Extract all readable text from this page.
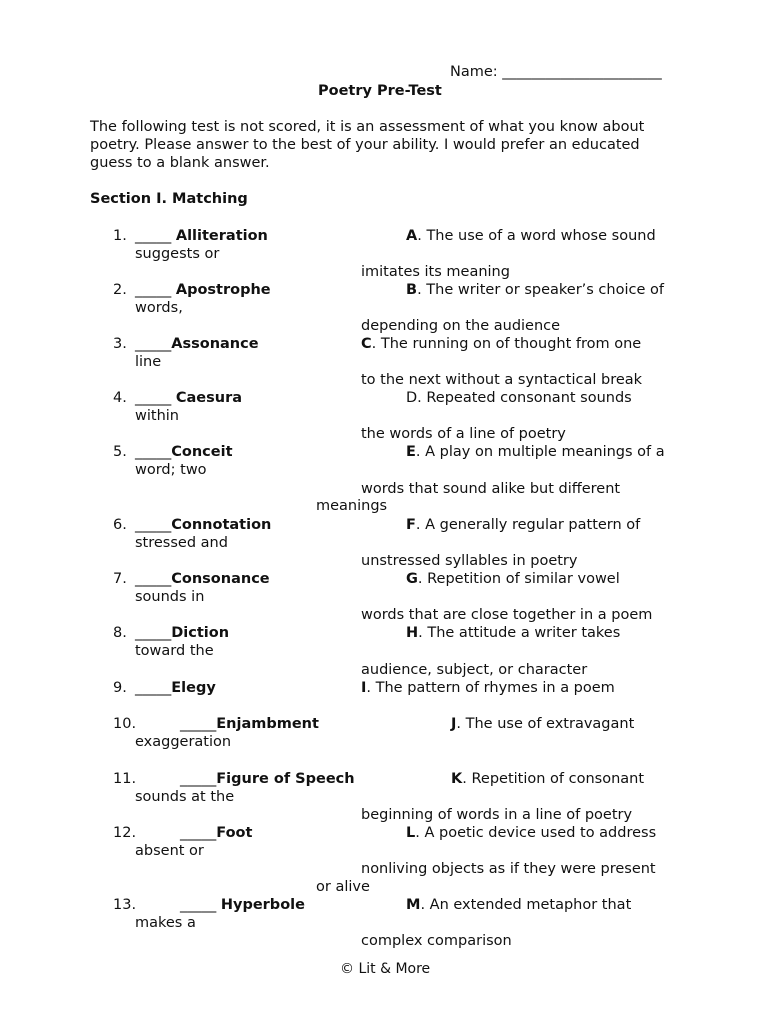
Name: ______________________
Poetry Pre-Test
The following test is not scored, it is an assessment of what you know about
poetry. Please answer to the best of your ability. I would prefer an educated
guess to a blank answer.
Section I. Matching
1. _____ Alliteration	A. The use of a word whose sound
suggests or
imitates its meaning
2. _____ Apostrophe	B. The writer or speaker’s choice of
words,
depending on the audience
3. _____Assonance	C. The running on of thought from one
line
to the next without a syntactical break
4. _____ Caesura	D. Repeated consonant sounds
within
the words of a line of poetry
5. _____Conceit	E. A play on multiple meanings of a
word; two
words that sound alike but different
meanings
6. _____Connotation	F. A generally regular pattern of
stressed and
unstressed syllables in poetry
7. _____Consonance	G. Repetition of similar vowel
sounds in
words that are close together in a poem
8. _____Diction	H. The attitude a writer takes
toward the
audience, subject, or character
9. _____Elegy	I. The pattern of rhymes in a poem
10.	_____Enjambment	J. The use of extravagant
exaggeration
11.	_____Figure of Speech	K. Repetition of consonant
sounds at the
beginning of words in a line of poetry
12.	_____Foot	L. A poetic device used to address
absent or
nonliving objects as if they were present
or alive
13.	_____ Hyperbole	M. An extended metaphor that
makes a
complex comparison
© Lit & More
